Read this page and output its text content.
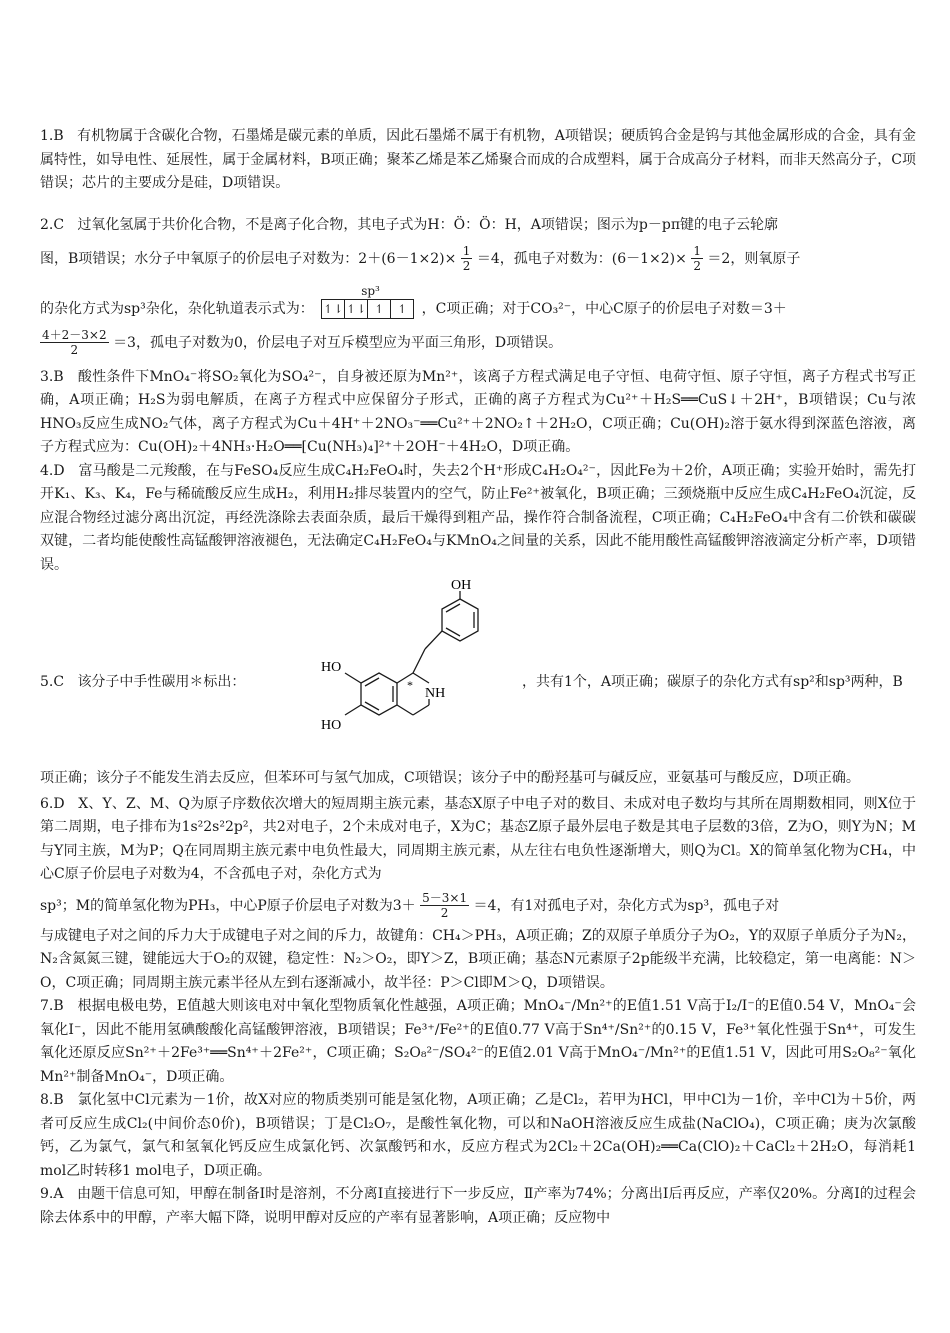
1.B 有机物属于含碳化合物，石墨烯是碳元素的单质，因此石墨烯不属于有机物，A项错误；硬质钨合金是钨与其他金属形成的合金，具有金属特性，如导电性、延展性，属于金属材料，B项正确；聚苯乙烯是苯乙烯聚合而成的合成塑料，属于合成高分子材料，而非天然高分子，C项错误；芯片的主要成分是硅，D项错误。

2.C 过氧化氢属于共价化合物，不是离子化合物，其电子式为H：Ö：Ö：H，A项错误；图示为p－pπ键的电子云轮廓
图，B项错误；水分子中氧原子的价层电子对数为：$2+(6-1\times 2)\times \frac{1}{2} =4$，孤电子对数为：$(6-1\times 2)\times \frac{1}{2} =2$，则氧原子
的杂化方式为sp³杂化，杂化轨道表示式为：
sp³
↿⇂ ↿⇂ ↿	↿	，C项正确；对于CO₃²⁻，中心C原子的价层电子对数＝3＋
$\frac{4+2-3\times 2}{2} =3$，孤电子对数为0，价层电子对互斥模型应为平面三角形，D项错误。

3.B 酸性条件下MnO₄⁻将SO₂氧化为SO₄²⁻，自身被还原为Mn²⁺，该离子方程式满足电子守恒、电荷守恒、原子守恒，离子方程式书写正确，A项正确；H₂S为弱电解质，在离子方程式中应保留分子形式，正确的离子方程式为Cu²⁺＋H₂S══CuS↓＋2H⁺，B项错误；Cu与浓HNO₃反应生成NO₂气体，离子方程式为Cu＋4H⁺＋2NO₃⁻══Cu²⁺＋2NO₂↑＋2H₂O，C项正确；Cu(OH)₂溶于氨水得到深蓝色溶液，离子方程式应为：Cu(OH)₂＋4NH₃·H₂O══[Cu(NH₃)₄]²⁺＋2OH⁻＋4H₂O，D项正确。

4.D 富马酸是二元羧酸，在与FeSO₄反应生成C₄H₂FeO₄时，失去2个H⁺形成C₄H₂O₄²⁻，因此Fe为＋2价，A项正确；实验开始时，需先打开K₁、K₃、K₄，Fe与稀硫酸反应生成H₂，利用H₂排尽装置内的空气，防止Fe²⁺被氧化，B项正确；三颈烧瓶中反应生成C₄H₂FeO₄沉淀，反应混合物经过滤分离出沉淀，再经洗涤除去表面杂质，最后干燥得到粗产品，操作符合制备流程，C项正确；C₄H₂FeO₄中含有二价铁和碳碳双键，二者均能使酸性高锰酸钾溶液褪色，无法确定C₄H₂FeO₄与KMnO₄之间量的关系，因此不能用酸性高锰酸钾溶液滴定分析产率，D项错误。

5.C 该分子中手性碳用＊标出：
OH
HO
HO
NH
*	，共有1个，A项正确；碳原子的杂化方式有sp²和sp³两种，B

项正确；该分子不能发生消去反应，但苯环可与氢气加成，C项错误；该分子中的酚羟基可与碱反应，亚氨基可与酸反应，D项正确。

6.D X、Y、Z、M、Q为原子序数依次增大的短周期主族元素，基态X原子中电子对的数目、未成对电子数均与其所在周期数相同，则X位于第二周期，电子排布为1s²2s²2p²，共2对电子，2个未成对电子，X为C；基态Z原子最外层电子数是其电子层数的3倍，Z为O，则Y为N；M与Y同主族，M为P；Q在同周期主族元素中电负性最大，同周期主族元素，从左往右电负性逐渐增大，则Q为Cl。X的简单氢化物为CH₄，中心C原子价层电子对数为4，不含孤电子对，杂化方式为
sp³；M的简单氢化物为PH₃，中心P原子价层电子对数为$3+ \frac{5-3\times 1}{2} =4$，有1对孤电子对，杂化方式为sp³，孤电子对
与成键电子对之间的斥力大于成键电子对之间的斥力，故键角：CH₄＞PH₃，A项正确；Z的双原子单质分子为O₂，Y的双原子单质分子为N₂，N₂含氮氮三键，键能远大于O₂的双键，稳定性：N₂＞O₂，即Y＞Z，B项正确；基态N元素原子2p能级半充满，比较稳定，第一电离能：N＞O，C项正确；同周期主族元素半径从左到右逐渐减小，故半径：P＞Cl即M＞Q，D项错误。

7.B 根据电极电势，E值越大则该电对中氧化型物质氧化性越强，A项正确；MnO₄⁻/Mn²⁺的E值1.51 V高于I₂/I⁻的E值0.54 V，MnO₄⁻会氧化I⁻，因此不能用氢碘酸酸化高锰酸钾溶液，B项错误；Fe³⁺/Fe²⁺的E值0.77 V高于Sn⁴⁺/Sn²⁺的0.15 V，Fe³⁺氧化性强于Sn⁴⁺，可发生氧化还原反应Sn²⁺＋2Fe³⁺══Sn⁴⁺＋2Fe²⁺，C项正确；S₂O₈²⁻/SO₄²⁻的E值2.01 V高于MnO₄⁻/Mn²⁺的E值1.51 V，因此可用S₂O₈²⁻氧化Mn²⁺制备MnO₄⁻，D项正确。

8.B 氯化氢中Cl元素为－1价，故X对应的物质类别可能是氢化物，A项正确；乙是Cl₂，若甲为HCl，甲中Cl为－1价，辛中Cl为＋5价，两者可反应生成Cl₂(中间价态0价)，B项错误；丁是Cl₂O₇，是酸性氧化物，可以和NaOH溶液反应生成盐(NaClO₄)，C项正确；庚为次氯酸钙，乙为氯气，氯气和氢氧化钙反应生成氯化钙、次氯酸钙和水，反应方程式为2Cl₂＋2Ca(OH)₂══Ca(ClO)₂＋CaCl₂＋2H₂O，每消耗1 mol乙时转移1 mol电子，D项正确。

9.A 由题干信息可知，甲醇在制备Ⅰ时是溶剂，不分离Ⅰ直接进行下一步反应，Ⅱ产率为74%；分离出Ⅰ后再反应，产率仅20%。分离Ⅰ的过程会除去体系中的甲醇，产率大幅下降，说明甲醇对反应的产率有显著影响，A项正确；反应物中
